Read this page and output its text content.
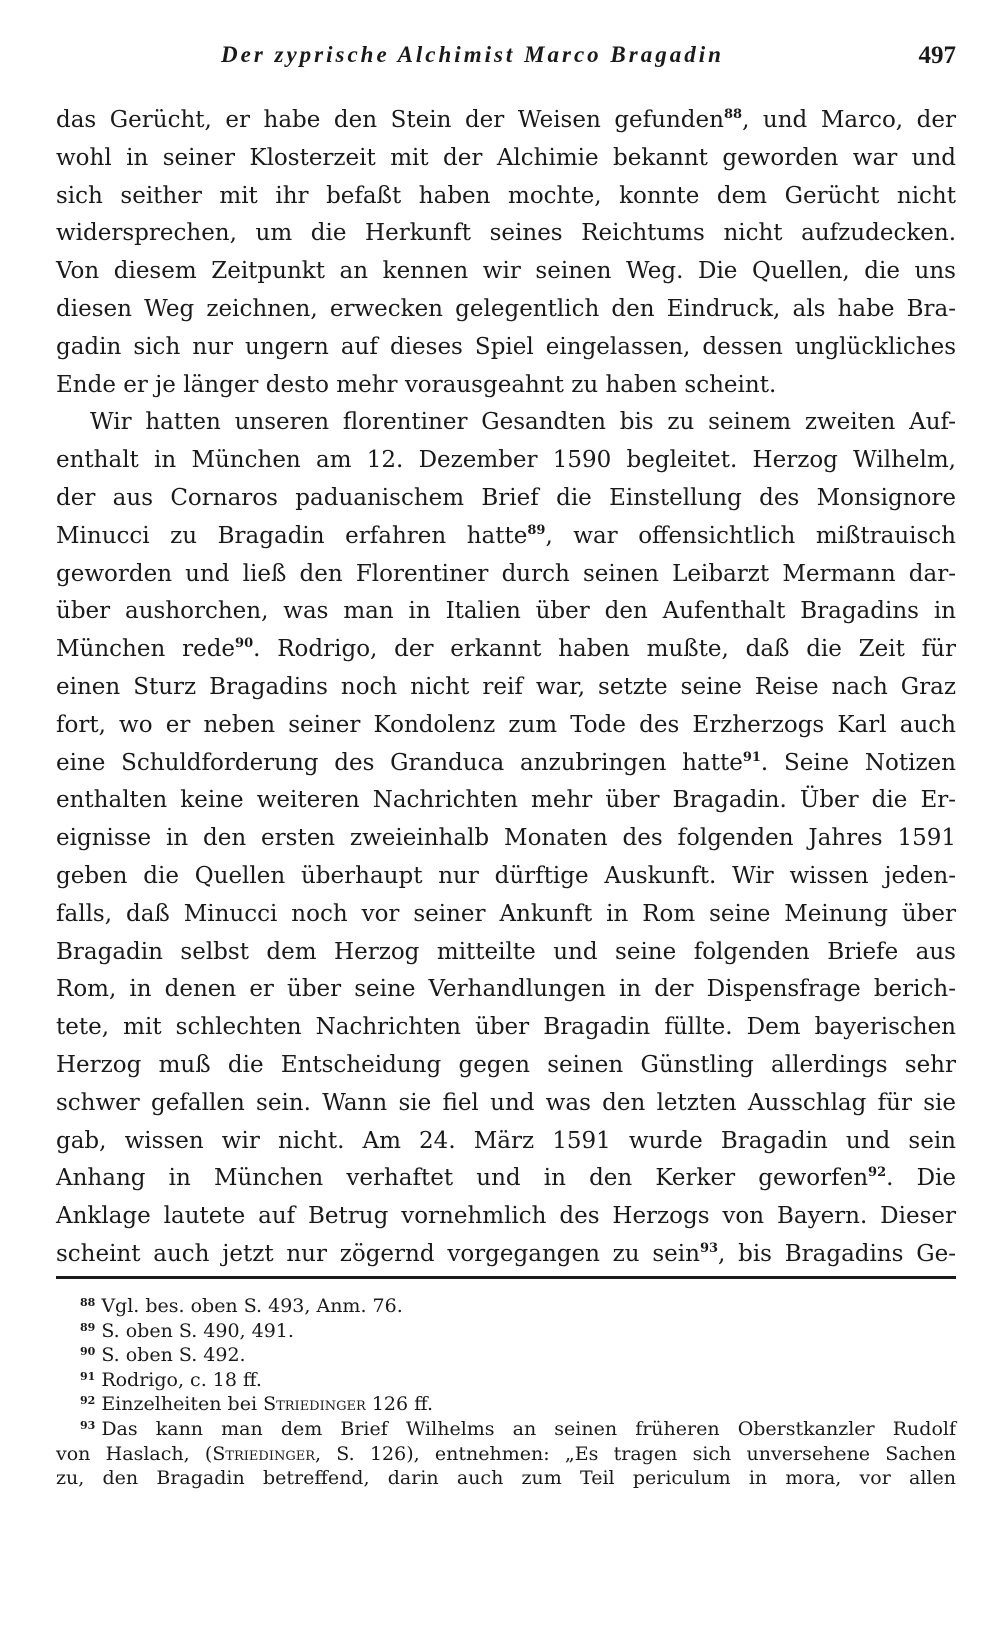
Der zyprische Alchimist Marco Bragadin	497
das Gerücht, er habe den Stein der Weisen gefunden$^{88}$, und Marco, der
wohl in seiner Klosterzeit mit der Alchimie bekannt geworden war und
sich seither mit ihr befaßt haben mochte, konnte dem Gerücht nicht
widersprechen, um die Herkunft seines Reichtums nicht aufzudecken.
Von diesem Zeitpunkt an kennen wir seinen Weg. Die Quellen, die uns
diesen Weg zeichnen, erwecken gelegentlich den Eindruck, als habe Bra-
gadin sich nur ungern auf dieses Spiel eingelassen, dessen unglückliches
Ende er je länger desto mehr vorausgeahnt zu haben scheint.
Wir hatten unseren florentiner Gesandten bis zu seinem zweiten Auf-
enthalt in München am 12. Dezember 1590 begleitet. Herzog Wilhelm,
der aus Cornaros paduanischem Brief die Einstellung des Monsignore
Minucci zu Bragadin erfahren hatte$^{89}$, war offensichtlich mißtrauisch
geworden und ließ den Florentiner durch seinen Leibarzt Mermann dar-
über aushorchen, was man in Italien über den Aufenthalt Bragadins in
München rede$^{90}$. Rodrigo, der erkannt haben mußte, daß die Zeit für
einen Sturz Bragadins noch nicht reif war, setzte seine Reise nach Graz
fort, wo er neben seiner Kondolenz zum Tode des Erzherzogs Karl auch
eine Schuldforderung des Granduca anzubringen hatte$^{91}$. Seine Notizen
enthalten keine weiteren Nachrichten mehr über Bragadin. Über die Er-
eignisse in den ersten zweieinhalb Monaten des folgenden Jahres 1591
geben die Quellen überhaupt nur dürftige Auskunft. Wir wissen jeden-
falls, daß Minucci noch vor seiner Ankunft in Rom seine Meinung über
Bragadin selbst dem Herzog mitteilte und seine folgenden Briefe aus
Rom, in denen er über seine Verhandlungen in der Dispensfrage berich-
tete, mit schlechten Nachrichten über Bragadin füllte. Dem bayerischen
Herzog muß die Entscheidung gegen seinen Günstling allerdings sehr
schwer gefallen sein. Wann sie fiel und was den letzten Ausschlag für sie
gab, wissen wir nicht. Am 24. März 1591 wurde Bragadin und sein
Anhang in München verhaftet und in den Kerker geworfen$^{92}$. Die
Anklage lautete auf Betrug vornehmlich des Herzogs von Bayern. Dieser
scheint auch jetzt nur zögernd vorgegangen zu sein$^{93}$, bis Bragadins Ge-
$^{88}$ Vgl. bes. oben S. 493, Anm. 76.
$^{89}$ S. oben S. 490, 491.
$^{90}$ S. oben S. 492.
$^{91}$ Rodrigo, c. 18 ff.
$^{92}$ Einzelheiten bei Striedinger 126 ff.
$^{93}$ Das kann man dem Brief Wilhelms an seinen früheren Oberstkanzler Rudolf
von Haslach, (Striedinger, S. 126), entnehmen: „Es tragen sich unversehene Sachen
zu, den Bragadin betreffend, darin auch zum Teil periculum in mora, vor allen
